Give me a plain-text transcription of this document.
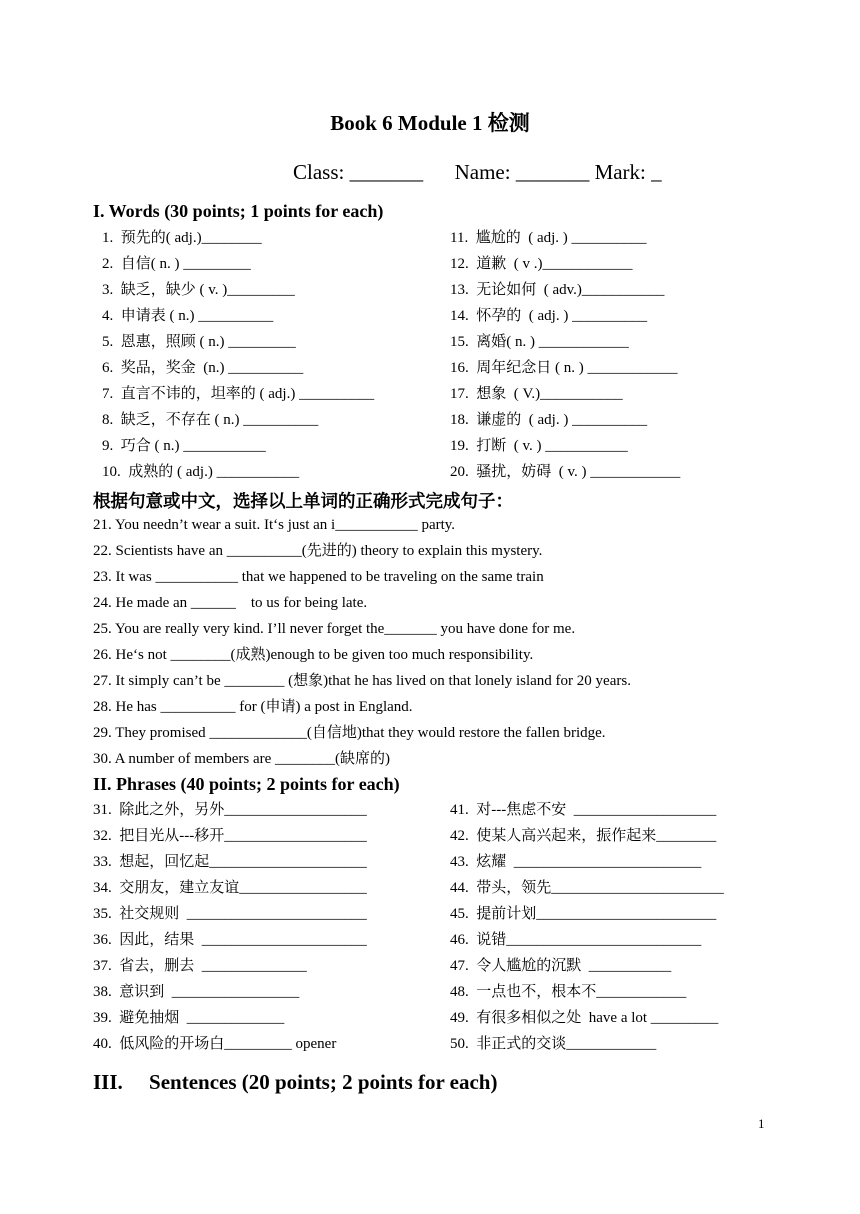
Book 6 Module 1 检测
Class: _______      Name: _______ Mark: _
I. Words (30 points; 1 points for each)
1.  预先的( adj.)________
2.  自信( n. ) _________
3.  缺乏，缺少 ( v. )_________
4.  申请表 ( n.) __________
5.  恩惠，照顾 ( n.) _________
6.  奖品，奖金  (n.) __________
7.  直言不讳的，坦率的 ( adj.) __________
8.  缺乏，不存在 ( n.) __________
9.  巧合 ( n.) ___________
10.  成熟的 ( adj.) ___________
11.  尴尬的  ( adj. ) __________
12.  道歉  ( v .)____________
13.  无论如何  ( adv.)___________
14.  怀孕的  ( adj. ) __________
15.  离婚( n. ) ____________
16.  周年纪念日 ( n. ) ____________
17.  想象  ( V.)___________
18.  谦虚的  ( adj. ) __________
19.  打断  ( v. ) ___________
20.  骚扰，妨碍  ( v. ) ____________
根据句意或中文，选择以上单词的正确形式完成句子：
21. You needn’t wear a suit. It‘s just an i___________ party.
22. Scientists have an __________(先进的) theory to explain this mystery.
23. It was ___________ that we happened to be traveling on the same train
24. He made an ______    to us for being late.
25. You are really very kind. I’ll never forget the_______ you have done for me.
26. He‘s not ________(成熟)enough to be given too much responsibility.
27. It simply can’t be ________ (想象)that he has lived on that lonely island for 20 years.
28. He has __________ for (申请) a post in England.
29. They promised _____________(自信地)that they would restore the fallen bridge.
30. A number of members are ________(缺席的)
II. Phrases (40 points; 2 points for each)
31.  除此之外，另外___________________
32.  把目光从---移开___________________
33.  想起，回忆起_____________________
34.  交朋友，建立友谊_________________
35.  社交规则  ________________________
36.  因此，结果  ______________________
37.  省去，删去  ______________
38.  意识到  _________________
39.  避免抽烟  _____________
40.  低风险的开场白_________ opener
41.  对---焦虑不安  ___________________
42.  使某人高兴起来，振作起来________
43.  炫耀  _________________________
44.  带头，领先_______________________
45.  提前计划________________________
46.  说错__________________________
47.  令人尴尬的沉默  ___________
48.  一点也不，根本不____________
49.  有很多相似之处  have a lot _________
50.  非正式的交谈____________
III.     Sentences (20 points; 2 points for each)
1
